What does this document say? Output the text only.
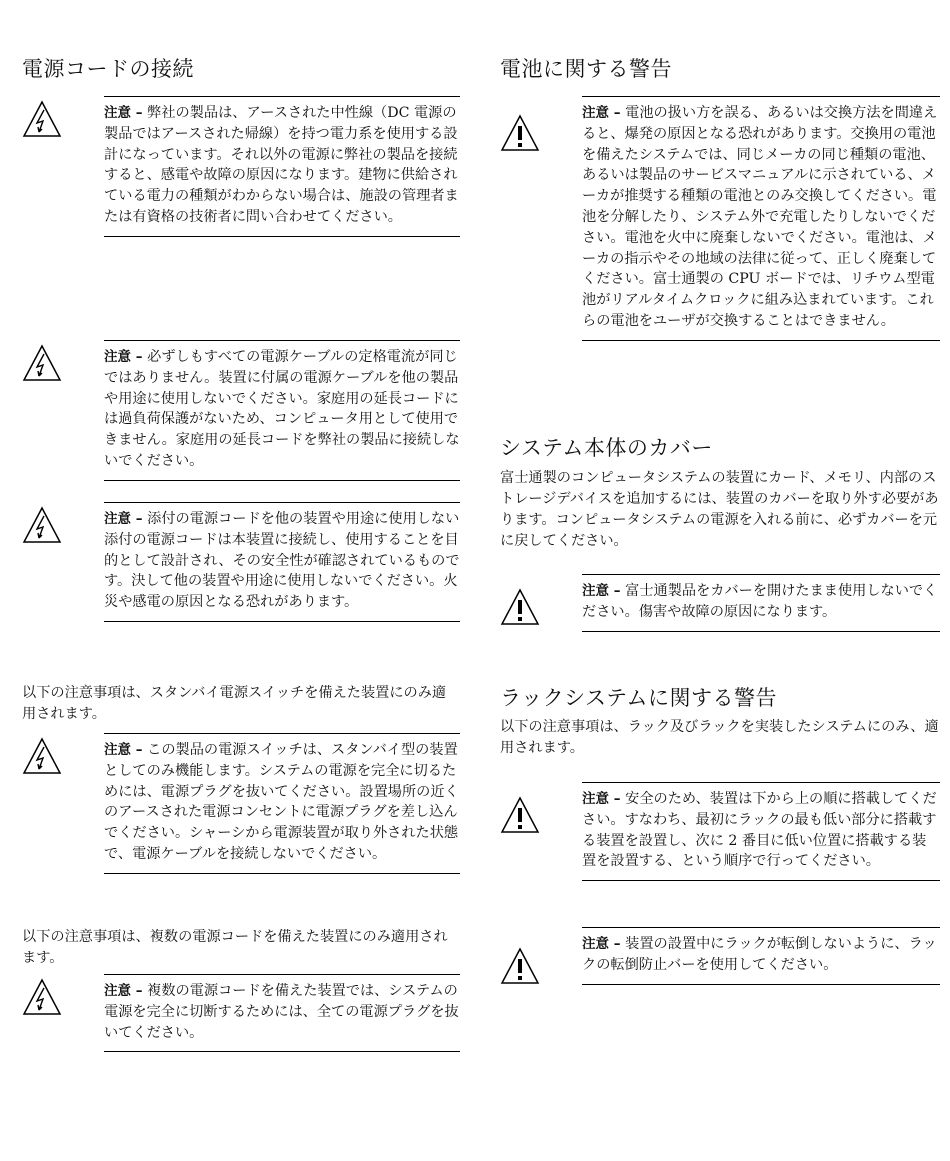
電源コードの接続
注意 – 弊社の製品は、アースされた中性線（DC 電源の製品ではアースされた帰線）を持つ電力系を使用する設計になっています。それ以外の電源に弊社の製品を接続すると、感電や故障の原因になります。建物に供給されている電力の種類がわからない場合は、施設の管理者または有資格の技術者に問い合わせてください。
注意 – 必ずしもすべての電源ケーブルの定格電流が同じではありません。装置に付属の電源ケーブルを他の製品や用途に使用しないでください。家庭用の延長コードには過負荷保護がないため、コンピュータ用として使用できません。家庭用の延長コードを弊社の製品に接続しないでください。
注意 – 添付の電源コードを他の装置や用途に使用しない
添付の電源コードは本装置に接続し、使用することを目的として設計され、その安全性が確認されているものです。決して他の装置や用途に使用しないでください。火災や感電の原因となる恐れがあります。

以下の注意事項は、スタンバイ電源スイッチを備えた装置にのみ適用されます。

注意 – この製品の電源スイッチは、スタンバイ型の装置としてのみ機能します。システムの電源を完全に切るためには、電源プラグを抜いてください。設置場所の近くのアースされた電源コンセントに電源プラグを差し込んでください。シャーシから電源装置が取り外された状態で、電源ケーブルを接続しないでください。

以下の注意事項は、複数の電源コードを備えた装置にのみ適用されます。

注意 – 複数の電源コードを備えた装置では、システムの電源を完全に切断するためには、全ての電源プラグを抜いてください。
電池に関する警告
注意 – 電池の扱い方を誤る、あるいは交換方法を間違えると、爆発の原因となる恐れがあります。交換用の電池を備えたシステムでは、同じメーカの同じ種類の電池、あるいは製品のサービスマニュアルに示されている、メーカが推奨する種類の電池とのみ交換してください。電池を分解したり、システム外で充電したりしないでください。電池を火中に廃棄しないでください。電池は、メーカの指示やその地域の法律に従って、正しく廃棄してください。富士通製の CPU ボードでは、リチウム型電池がリアルタイムクロックに組み込まれています。これらの電池をユーザが交換することはできません。
システム本体のカバー

富士通製のコンピュータシステムの装置にカード、メモリ、内部のストレージデバイスを追加するには、装置のカバーを取り外す必要があります。コンピュータシステムの電源を入れる前に、必ずカバーを元に戻してください。

注意 – 富士通製品をカバーを開けたまま使用しないでください。傷害や故障の原因になります。
ラックシステムに関する警告

以下の注意事項は、ラック及びラックを実装したシステムにのみ、適用されます。

注意 – 安全のため、装置は下から上の順に搭載してください。すなわち、最初にラックの最も低い部分に搭載する装置を設置し、次に 2 番目に低い位置に搭載する装置を設置する、という順序で行ってください。
注意 – 装置の設置中にラックが転倒しないように、ラックの転倒防止バーを使用してください。
